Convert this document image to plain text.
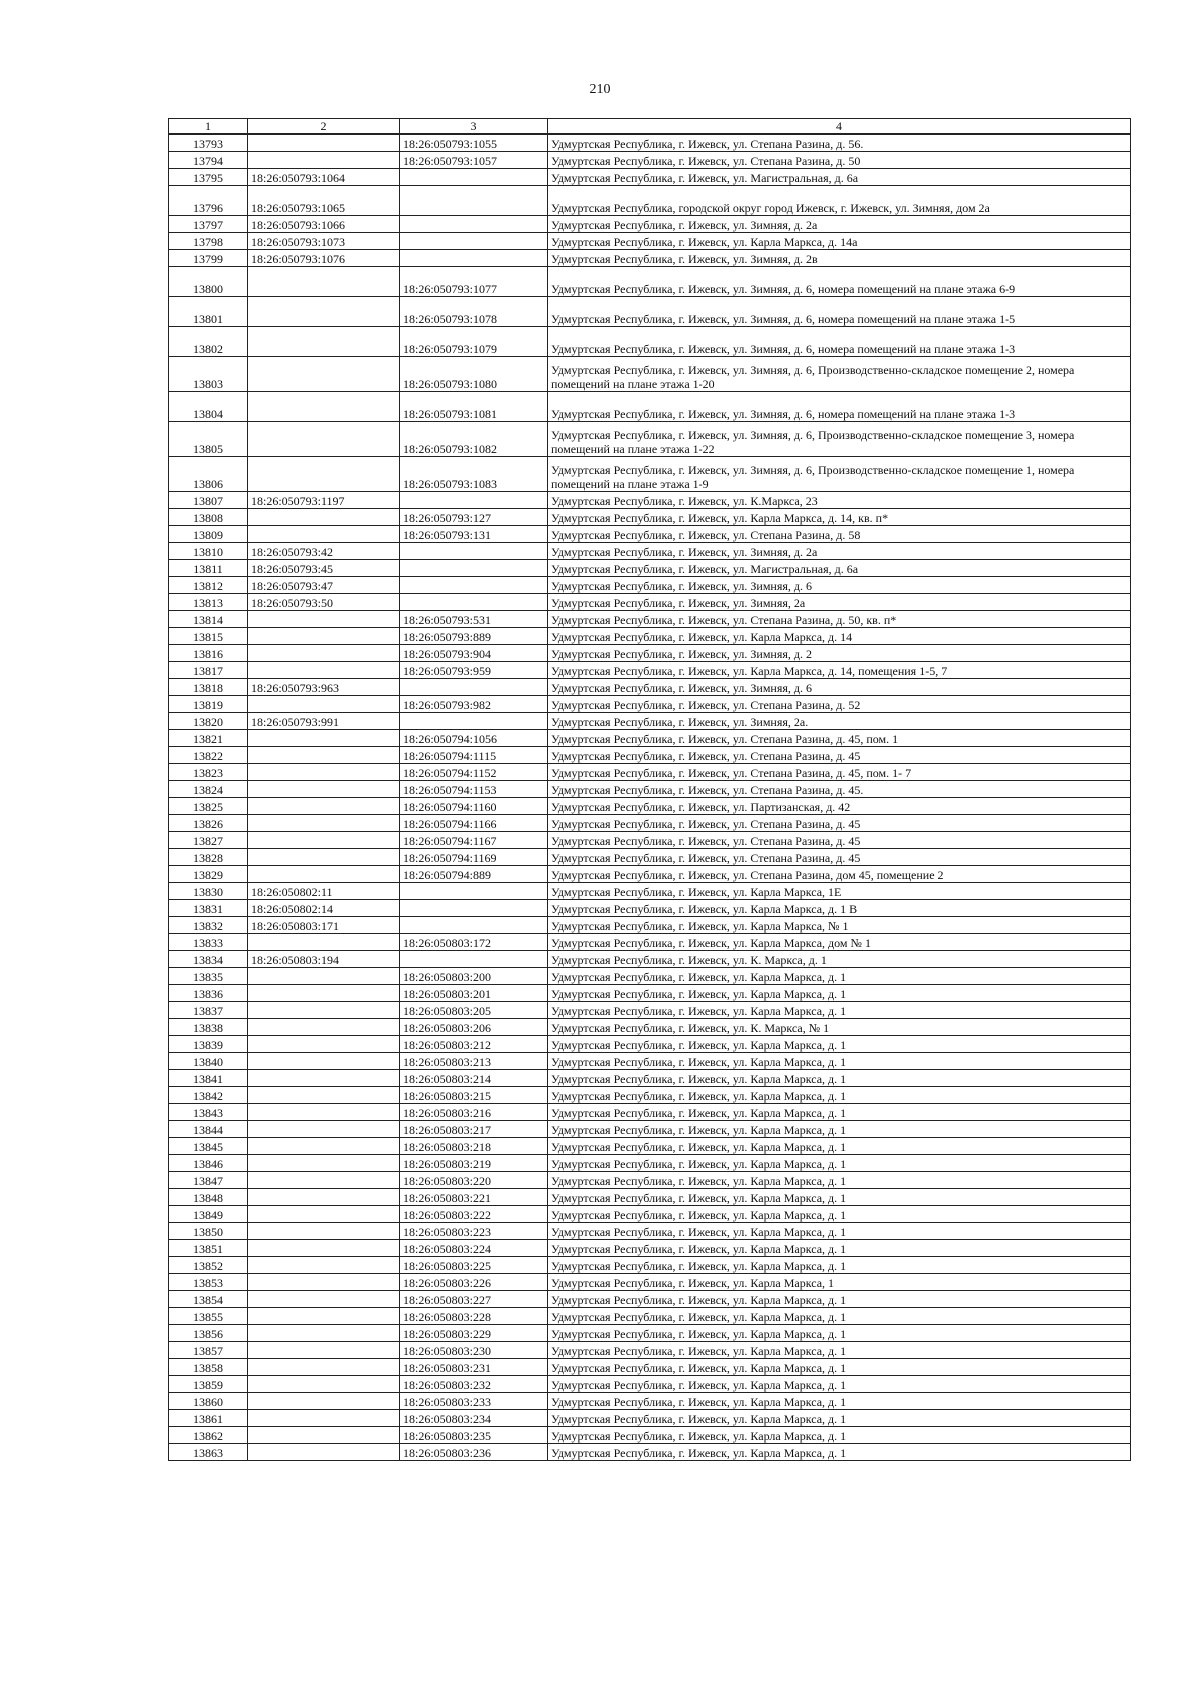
210
1	2	3	4
13793		18:26:050793:1055	Удмуртская Республика, г. Ижевск, ул. Степана Разина, д. 56.
13794		18:26:050793:1057	Удмуртская Республика, г. Ижевск, ул. Степана Разина, д. 50
13795	18:26:050793:1064		Удмуртская Республика, г. Ижевск, ул. Магистральная, д. 6а
13796	18:26:050793:1065		Удмуртская Республика, городской округ город Ижевск, г. Ижевск, ул. Зимняя, дом 2а
13797	18:26:050793:1066		Удмуртская Республика, г. Ижевск, ул. Зимняя, д. 2а
13798	18:26:050793:1073		Удмуртская Республика, г. Ижевск, ул. Карла Маркса, д. 14а
13799	18:26:050793:1076		Удмуртская Республика, г. Ижевск, ул. Зимняя, д. 2в
13800		18:26:050793:1077	Удмуртская Республика, г. Ижевск, ул. Зимняя, д. 6, номера помещений на плане этажа 6-9
13801		18:26:050793:1078	Удмуртская Республика, г. Ижевск, ул. Зимняя, д. 6, номера помещений на плане этажа 1-5
13802		18:26:050793:1079	Удмуртская Республика, г. Ижевск, ул. Зимняя, д. 6, номера помещений на плане этажа 1-3
13803		18:26:050793:1080	Удмуртская Республика, г. Ижевск, ул. Зимняя, д. 6, Производственно-складское помещение 2, номера помещений на плане этажа 1-20
13804		18:26:050793:1081	Удмуртская Республика, г. Ижевск, ул. Зимняя, д. 6, номера помещений на плане этажа 1-3
13805		18:26:050793:1082	Удмуртская Республика, г. Ижевск, ул. Зимняя, д. 6, Производственно-складское помещение 3, номера помещений на плане этажа 1-22
13806		18:26:050793:1083	Удмуртская Республика, г. Ижевск, ул. Зимняя, д. 6, Производственно-складское помещение 1, номера помещений на плане этажа 1-9
13807	18:26:050793:1197		Удмуртская Республика, г. Ижевск, ул. К.Маркса, 23
13808		18:26:050793:127	Удмуртская Республика, г. Ижевск, ул. Карла Маркса, д. 14, кв. п*
13809		18:26:050793:131	Удмуртская Республика, г. Ижевск, ул. Степана Разина, д. 58
13810	18:26:050793:42		Удмуртская Республика, г. Ижевск, ул. Зимняя, д. 2а
13811	18:26:050793:45		Удмуртская Республика, г. Ижевск, ул. Магистральная, д. 6а
13812	18:26:050793:47		Удмуртская Республика, г. Ижевск, ул. Зимняя, д. 6
13813	18:26:050793:50		Удмуртская Республика, г. Ижевск, ул. Зимняя, 2а
13814		18:26:050793:531	Удмуртская Республика, г. Ижевск, ул. Степана Разина, д. 50, кв. п*
13815		18:26:050793:889	Удмуртская Республика, г. Ижевск, ул. Карла Маркса, д. 14
13816		18:26:050793:904	Удмуртская Республика, г. Ижевск, ул. Зимняя, д. 2
13817		18:26:050793:959	Удмуртская Республика, г. Ижевск, ул. Карла Маркса, д. 14, помещения 1-5, 7
13818	18:26:050793:963		Удмуртская Республика, г. Ижевск, ул. Зимняя, д. 6
13819		18:26:050793:982	Удмуртская Республика, г. Ижевск, ул. Степана Разина, д. 52
13820	18:26:050793:991		Удмуртская Республика, г. Ижевск, ул. Зимняя, 2а.
13821		18:26:050794:1056	Удмуртская Республика, г. Ижевск, ул. Степана Разина, д. 45, пом. 1
13822		18:26:050794:1115	Удмуртская Республика, г. Ижевск, ул. Степана Разина, д. 45
13823		18:26:050794:1152	Удмуртская Республика, г. Ижевск, ул. Степана Разина, д. 45, пом. 1- 7
13824		18:26:050794:1153	Удмуртская Республика, г. Ижевск, ул. Степана Разина, д. 45.
13825		18:26:050794:1160	Удмуртская Республика, г. Ижевск, ул. Партизанская, д. 42
13826		18:26:050794:1166	Удмуртская Республика, г. Ижевск, ул. Степана Разина, д. 45
13827		18:26:050794:1167	Удмуртская Республика, г. Ижевск, ул. Степана Разина, д. 45
13828		18:26:050794:1169	Удмуртская Республика, г. Ижевск, ул. Степана Разина, д. 45
13829		18:26:050794:889	Удмуртская Республика, г. Ижевск, ул. Степана Разина, дом 45, помещение 2
13830	18:26:050802:11		Удмуртская Республика, г. Ижевск, ул. Карла Маркса, 1Е
13831	18:26:050802:14		Удмуртская Республика, г. Ижевск, ул. Карла Маркса, д. 1 В
13832	18:26:050803:171		Удмуртская Республика, г. Ижевск, ул. Карла Маркса, № 1
13833		18:26:050803:172	Удмуртская Республика, г. Ижевск, ул. Карла Маркса, дом № 1
13834	18:26:050803:194		Удмуртская Республика, г. Ижевск, ул. К. Маркса, д. 1
13835		18:26:050803:200	Удмуртская Республика, г. Ижевск, ул. Карла Маркса, д. 1
13836		18:26:050803:201	Удмуртская Республика, г. Ижевск, ул. Карла Маркса, д. 1
13837		18:26:050803:205	Удмуртская Республика, г. Ижевск, ул. Карла Маркса, д. 1
13838		18:26:050803:206	Удмуртская Республика, г. Ижевск, ул. К. Маркса, № 1
13839		18:26:050803:212	Удмуртская Республика, г. Ижевск, ул. Карла Маркса, д. 1
13840		18:26:050803:213	Удмуртская Республика, г. Ижевск, ул. Карла Маркса, д. 1
13841		18:26:050803:214	Удмуртская Республика, г. Ижевск, ул. Карла Маркса, д. 1
13842		18:26:050803:215	Удмуртская Республика, г. Ижевск, ул. Карла Маркса, д. 1
13843		18:26:050803:216	Удмуртская Республика, г. Ижевск, ул. Карла Маркса, д. 1
13844		18:26:050803:217	Удмуртская Республика, г. Ижевск, ул. Карла Маркса, д. 1
13845		18:26:050803:218	Удмуртская Республика, г. Ижевск, ул. Карла Маркса, д. 1
13846		18:26:050803:219	Удмуртская Республика, г. Ижевск, ул. Карла Маркса, д. 1
13847		18:26:050803:220	Удмуртская Республика, г. Ижевск, ул. Карла Маркса, д. 1
13848		18:26:050803:221	Удмуртская Республика, г. Ижевск, ул. Карла Маркса, д. 1
13849		18:26:050803:222	Удмуртская Республика, г. Ижевск, ул. Карла Маркса, д. 1
13850		18:26:050803:223	Удмуртская Республика, г. Ижевск, ул. Карла Маркса, д. 1
13851		18:26:050803:224	Удмуртская Республика, г. Ижевск, ул. Карла Маркса, д. 1
13852		18:26:050803:225	Удмуртская Республика, г. Ижевск, ул. Карла Маркса, д. 1
13853		18:26:050803:226	Удмуртская Республика, г. Ижевск, ул. Карла Маркса, 1
13854		18:26:050803:227	Удмуртская Республика, г. Ижевск, ул. Карла Маркса, д. 1
13855		18:26:050803:228	Удмуртская Республика, г. Ижевск, ул. Карла Маркса, д. 1
13856		18:26:050803:229	Удмуртская Республика, г. Ижевск, ул. Карла Маркса, д. 1
13857		18:26:050803:230	Удмуртская Республика, г. Ижевск, ул. Карла Маркса, д. 1
13858		18:26:050803:231	Удмуртская Республика, г. Ижевск, ул. Карла Маркса, д. 1
13859		18:26:050803:232	Удмуртская Республика, г. Ижевск, ул. Карла Маркса, д. 1
13860		18:26:050803:233	Удмуртская Республика, г. Ижевск, ул. Карла Маркса, д. 1
13861		18:26:050803:234	Удмуртская Республика, г. Ижевск, ул. Карла Маркса, д. 1
13862		18:26:050803:235	Удмуртская Республика, г. Ижевск, ул. Карла Маркса, д. 1
13863		18:26:050803:236	Удмуртская Республика, г. Ижевск, ул. Карла Маркса, д. 1
